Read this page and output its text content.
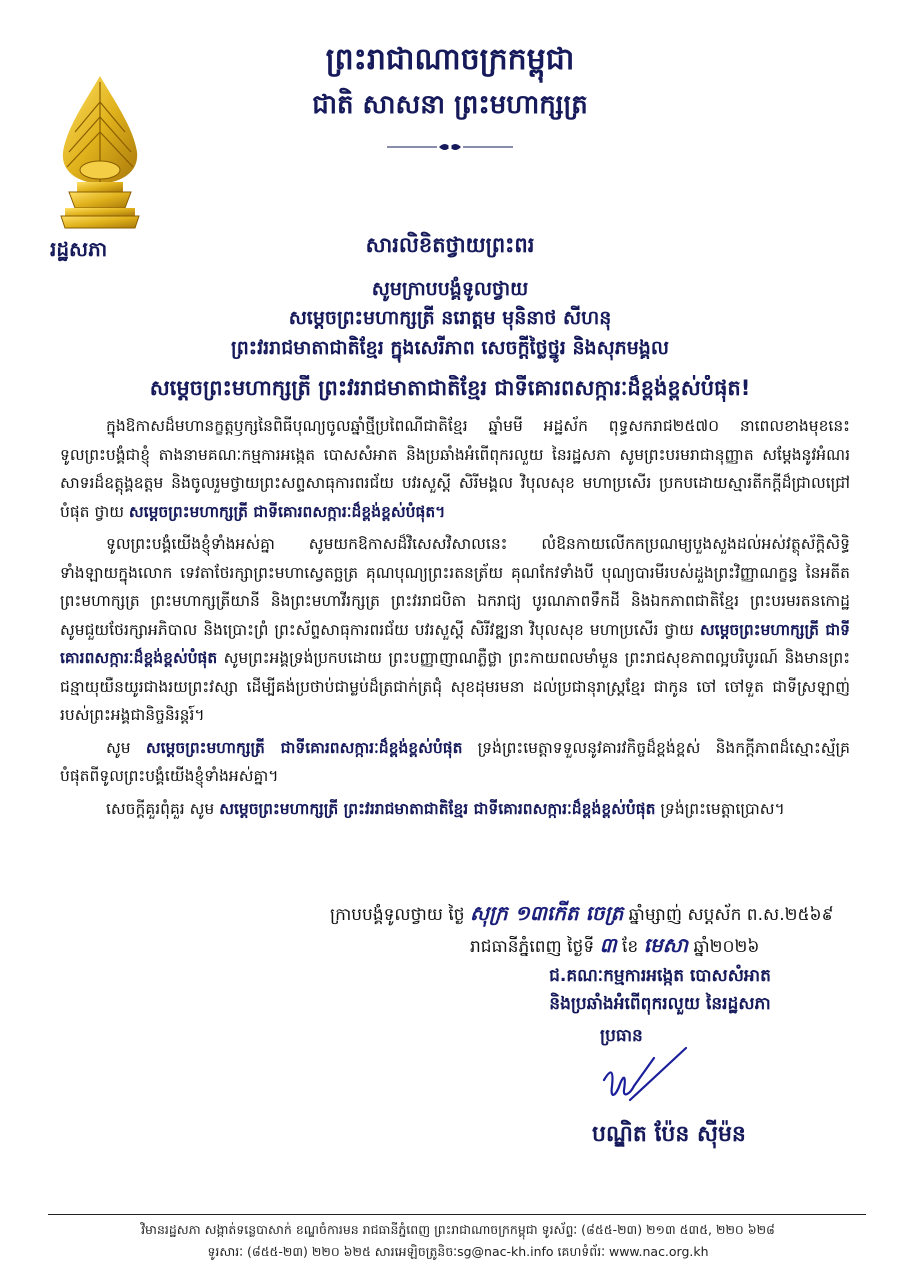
ព្រះរាជាណាចក្រកម្ពុជា
ជាតិ សាសនា ព្រះមហាក្សត្រ
រដ្ឋសភា	សារលិខិតថ្វាយព្រះពរ
សូមក្រាបបង្គំទូលថ្វាយ
សម្តេចព្រះមហាក្សត្រី នរោត្តម មុនិនាថ សីហនុ
ព្រះវររាជមាតាជាតិខ្មែរ ក្នុងសេរីភាព សេចក្តីថ្លៃថ្នូរ និងសុភមង្គល
សម្តេចព្រះមហាក្សត្រី ព្រះវររាជមាតាជាតិខ្មែរ ជាទីគោរពសក្ការៈដ៏ខ្ពង់ខ្ពស់បំផុត!

ក្នុងឱកាសដ៏មហានក្ខត្តឫក្សនៃពិធីបុណ្យចូលឆ្នាំថ្មីប្រពៃណីជាតិខ្មែរ ឆ្នាំមមី អដ្ឋស័ក ពុទ្ធសករាជ២៥៧០ នាពេលខាងមុខនេះ ទូលព្រះបង្គំជាខ្ញុំ តាងនាមគណៈកម្មការអង្កេត បោសសំអាត និងប្រឆាំងអំពើពុករលួយ នៃរដ្ឋសភា សូមព្រះបរមរាជានុញ្ញាត សម្តែងនូវអំណរសាទរដ៏ឧត្តុង្គឧត្តម និងចូលរួមថ្វាយព្រះសព្ទសាធុការពរជ័យ បវរសួស្តី សិរីមង្គល វិបុលសុខ មហាប្រសើរ ប្រកបដោយស្មារតីកក្តីដ៏ជ្រាលជ្រៅបំផុត ថ្វាយ សម្តេចព្រះមហាក្សត្រី ជាទីគោរពសក្ការៈដ៏ខ្ពង់ខ្ពស់បំផុត។

ទូលព្រះបង្គំយើងខ្ញុំទាំងអស់គ្នា សូមយកឱកាសដ៏វិសេសវិសាលនេះ លំឱនកាយលើកកប្រណម្យបួងសួងដល់អស់វត្ថុស័ក្តិសិទ្ធិទាំងឡាយក្នុងលោក ទេវតាថែរក្សាព្រះមហាស្វេតច្ឆត្រ គុណបុណ្យព្រះរតនត្រ័យ គុណកែវទាំងបី បុណ្យបារមីរបស់ដួងព្រះវិញ្ញាណក្ខន្ធ នៃអតីតព្រះមហាក្សត្រ ព្រះមហាក្សត្រីយានី និងព្រះមហាវីរក្សត្រ ព្រះវររាជបិតា ឯករាជ្យ បូរណភាពទឹកដី និងឯកភាពជាតិខ្មែរ ព្រះបរមរតនកោដ្ឋ សូមជួយថែរក្សាអភិបាល និងប្រោះព្រំ ព្រះស័ព្ទសាធុការពរជ័យ បវរសួស្តី សិរីវឌ្ឍនា វិបុលសុខ មហាប្រសើរ ថ្វាយ សម្តេចព្រះមហាក្សត្រី ជាទីគោរពសក្ការៈដ៏ខ្ពង់ខ្ពស់បំផុត សូមព្រះអង្គទ្រង់ប្រកបដោយ ព្រះបញ្ញាញាណភ្លឺថ្លា ព្រះកាយពលមាំមួន ព្រះរាជសុខភាពល្អបរិបូរណ៍ និងមានព្រះជន្មាយុយឺនយូរជាងរយព្រះវស្សា ដើម្បីគង់ប្រថាប់ជាម្លប់ដ៏ត្រជាក់ត្រជុំ សុខដុមរមនា ដល់ប្រជានុរាស្ត្រខ្មែរ ជាកូន ចៅ ចៅទួត ជាទីស្រឡាញ់របស់ព្រះអង្គជានិច្ចនិរន្តរ៍។

សូម សម្តេចព្រះមហាក្សត្រី ជាទីគោរពសក្ការៈដ៏ខ្ពង់ខ្ពស់បំផុត ទ្រង់ព្រះមេត្តាទទួលនូវគារវកិច្ចដ៏ខ្ពង់ខ្ពស់ និងកក្តីភាពដ៏ស្មោះស្ម័គ្របំផុតពីទូលព្រះបង្គំយើងខ្ញុំទាំងអស់គ្នា។

សេចក្តីគួរពុំគួរ សូម សម្តេចព្រះមហាក្សត្រី ព្រះវររាជមាតាជាតិខ្មែរ ជាទីគោរពសក្ការៈដ៏ខ្ពង់ខ្ពស់បំផុត ទ្រង់ព្រះមេត្តាប្រោស។

ក្រាបបង្គំទូលថ្វាយ ថ្ងៃ សុក្រ ១៣កើត ចេត្រ ឆ្នាំម្សាញ់ សប្តស័ក ព.ស.២៥៦៩
រាជធានីភ្នំពេញ ថ្ងៃទី ៣ ខែ មេសា ឆ្នាំ២០២៦
ជ.គណៈកម្មការអង្កេត បោសសំអាត
និងប្រឆាំងអំពើពុករលួយ នៃរដ្ឋសភា
ប្រធាន
បណ្ឌិត ប៉ែន ស៊ីម៉ន
វិមានរដ្ឋសភា សង្កាត់ទន្លេបាសាក់ ខណ្ឌចំការមន រាជធានីភ្នំពេញ ព្រះរាជាណាចក្រកម្ពុជា ទូរស័ព្ទៈ (៨៥៥-២៣) ២១៣ ៥៣៥, ២២០ ៦២៨
ទូរសារៈ (៨៥៥-២៣) ២២០ ៦២៥ សារអេឡិចត្រូនិចៈsg@nac-kh.info គេហទំព័រៈ www.nac.org.kh
